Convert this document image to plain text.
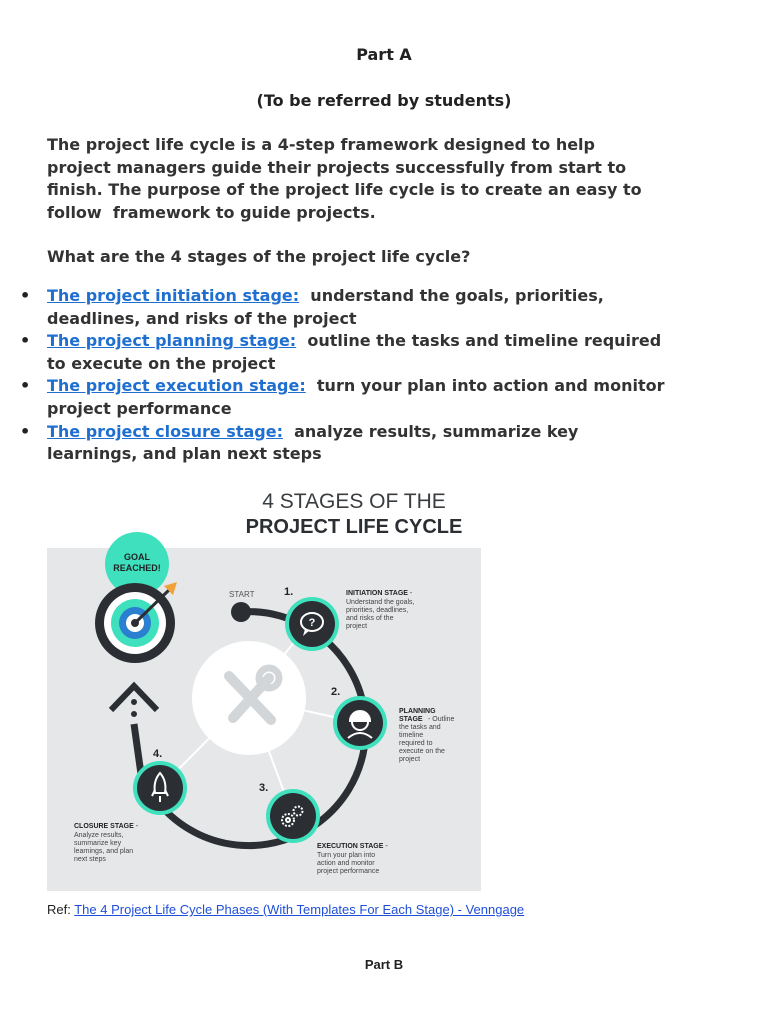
Part A
(To be referred by students)
The project life cycle is a 4-step framework designed to help
project managers guide their projects successfully from start to
finish. The purpose of the project life cycle is to create an easy to
follow  framework to guide projects.
What are the 4 stages of the project life cycle?
• The project initiation stage: understand the goals, priorities,
deadlines, and risks of the project
• The project planning stage: outline the tasks and timeline required
to execute on the project
• The project execution stage: turn your plan into action and monitor
project performance
• The project closure stage: analyze results, summarize key
learnings, and plan next steps
4 STAGES OF THE
PROJECT LIFE CYCLE
GOAL
REACHED!
START	1.
?
INITIATION STAGE -
Understand the goals, priorities, deadlines, and risks of the project
2.
PLANNING STAGE - Outline
the tasks and timeline required to execute on the project
3.
EXECUTION STAGE -
Turn your plan into action and monitor project performance
4.
CLOSURE STAGE -
Analyze results, summarize key learnings, and plan next steps
Ref: The 4 Project Life Cycle Phases (With Templates For Each Stage) - Venngage
Part B
